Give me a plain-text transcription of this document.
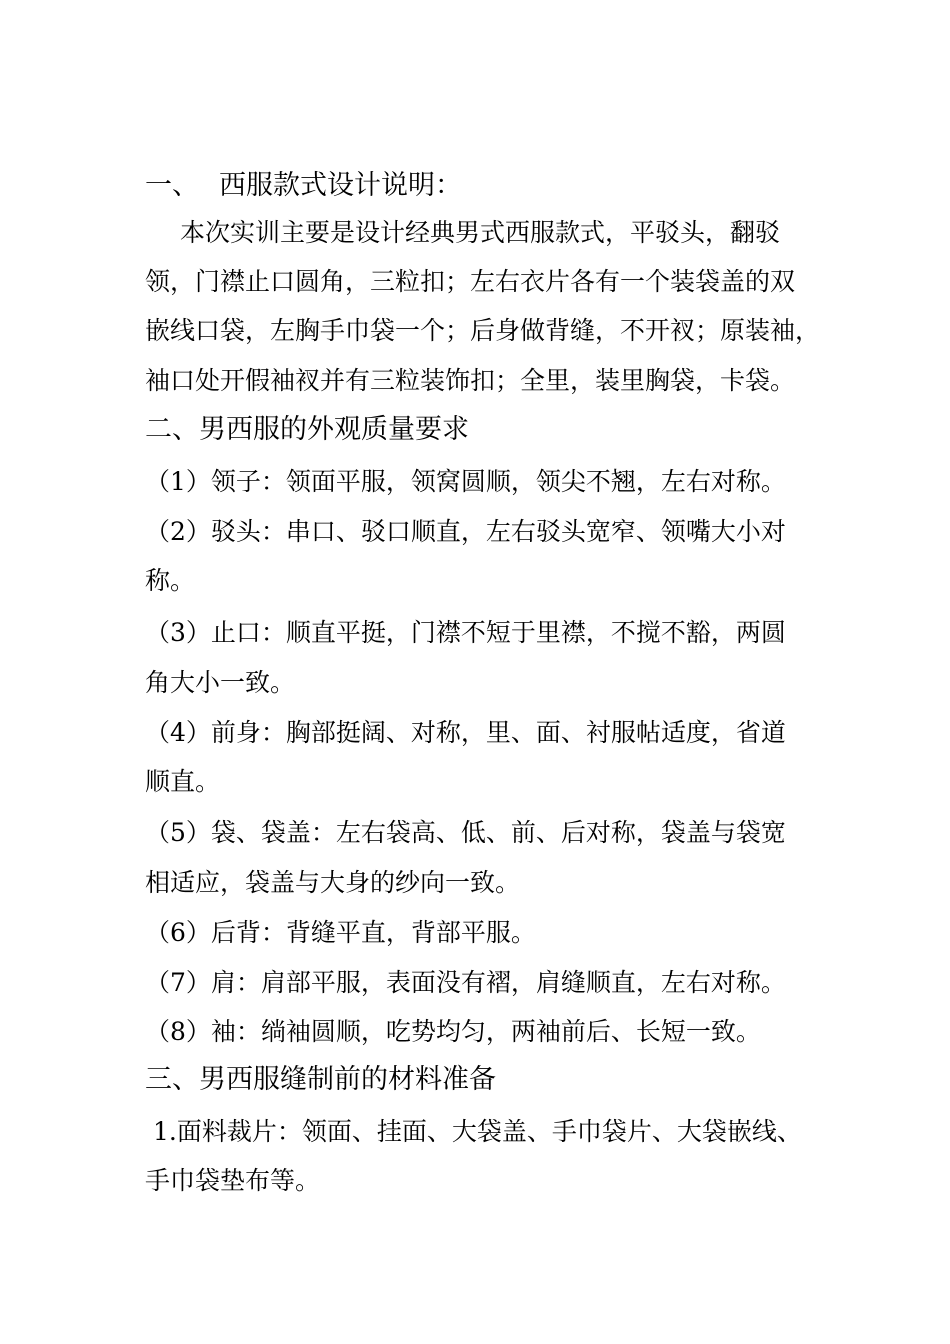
一、 西服款式设计说明：
本次实训主要是设计经典男式西服款式，平驳头，翻驳
领，门襟止口圆角，三粒扣；左右衣片各有一个装袋盖的双
嵌线口袋，左胸手巾袋一个；后身做背缝，不开衩；原装袖，
袖口处开假袖衩并有三粒装饰扣；全里，装里胸袋，卡袋。
二、男西服的外观质量要求
（1）领子：领面平服，领窝圆顺，领尖不翘，左右对称。
（2）驳头：串口、驳口顺直，左右驳头宽窄、领嘴大小对
称。
（3）止口：顺直平挺，门襟不短于里襟，不搅不豁，两圆
角大小一致。
（4）前身：胸部挺阔、对称，里、面、衬服帖适度，省道
顺直。
（5）袋、袋盖：左右袋高、低、前、后对称，袋盖与袋宽
相适应，袋盖与大身的纱向一致。
（6）后背：背缝平直，背部平服。
（7）肩：肩部平服，表面没有褶，肩缝顺直，左右对称。
（8）袖：绱袖圆顺，吃势均匀，两袖前后、长短一致。
三、男西服缝制前的材料准备
1.面料裁片：领面、挂面、大袋盖、手巾袋片、大袋嵌线、
手巾袋垫布等。
